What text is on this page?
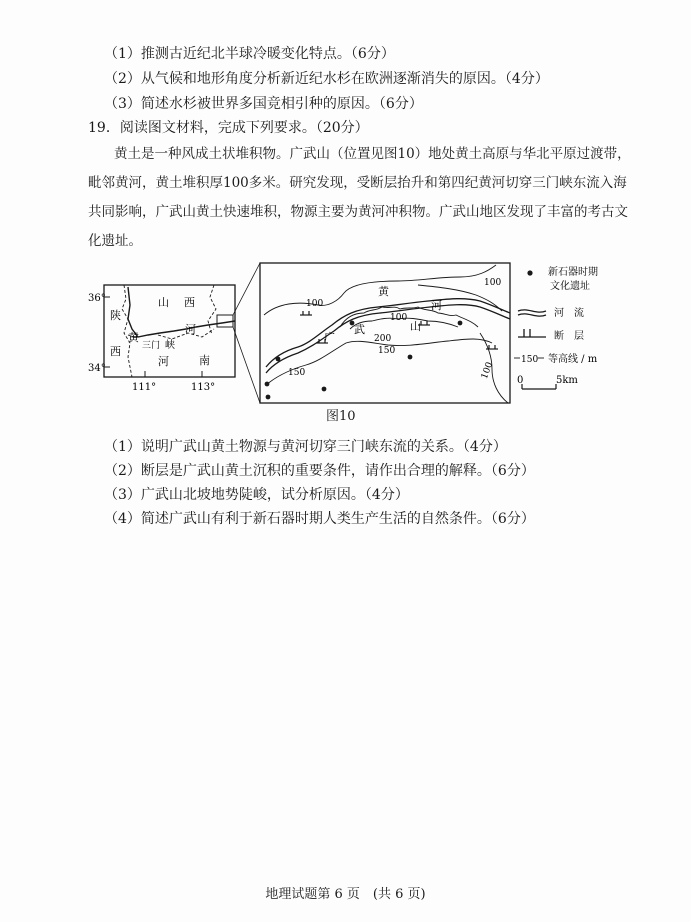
（1）推测古近纪北半球冷暖变化特点。（6分）
（2）从气候和地形角度分析新近纪水杉在欧洲逐渐消失的原因。（4分）
（3）简述水杉被世界多国竞相引种的原因。（6分）
19．阅读图文材料，完成下列要求。（20分）
黄土是一种风成土状堆积物。广武山（位置见图10）地处黄土高原与华北平原过渡带，毗邻黄河，黄土堆积厚100多米。研究发现，受断层抬升和第四纪黄河切穿三门峡东流入海共同影响，广武山黄土快速堆积，物源主要为黄河冲积物。广武山地区发现了丰富的考古文化遗址。
36°
34°
111°	113°
山 西
陕
西
黄
河
三门 峡
河	南
100
黄
河
100
100
200
武
广
山
150
150
100
新石器时期
文化遗址
河　流
断　层
150 等高线 / m
0	5km
图10
（1）说明广武山黄土物源与黄河切穿三门峡东流的关系。（4分）
（2）断层是广武山黄土沉积的重要条件，请作出合理的解释。（6分）
（3）广武山北坡地势陡峻，试分析原因。（4分）
（4）简述广武山有利于新石器时期人类生产生活的自然条件。（6分）
地理试题第 6 页　(共 6 页)
